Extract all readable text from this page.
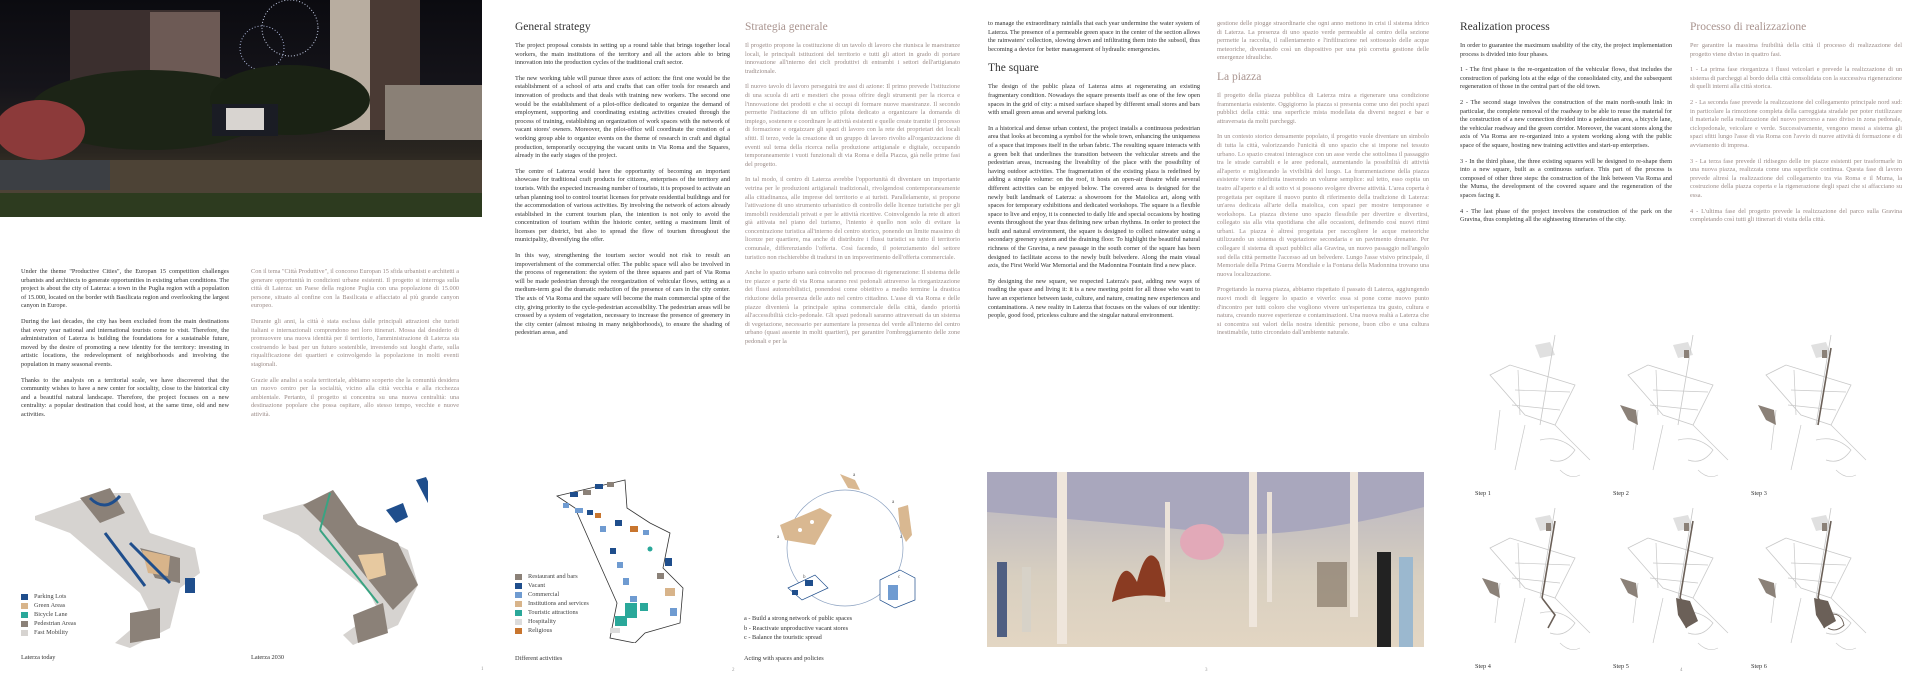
Under the theme "Productive Cities", the Europan 15 competition challenges urbanists and architects to generate opportunities in existing urban conditions. The project is about the city of Laterza: a town in the Puglia region with a population of 15.000, located on the border with Basilicata region and overlooking the largest canyon in Europe.

During the last decades, the city has been excluded from the main destinations that every year national and international tourists come to visit. Therefore, the administration of Laterza is building the foundations for a sustainable future, moved by the desire of promoting a new identity for the territory: investing in artistic locations, the redevelopment of neighborhoods and involving the population in many seasonal events.

Thanks to the analysis on a territorial scale, we have discovered that the community wishes to have a new center for sociality, close to the historical city and a beautiful natural landscape. Therefore, the project focuses on a new centrality: a popular destination that could host, at the same time, old and new activities.

Con il tema "Città Produttive", il concorso Europan 15 sfida urbanisti e architetti a generare opportunità in condizioni urbane esistenti. Il progetto si interroga sulla città di Laterza: un Paese della regione Puglia con una popolazione di 15.000 persone, situato al confine con la Basilicata e affacciato al più grande canyon europeo.

Durante gli anni, la città è stata esclusa dalle principali attrazioni che turisti italiani e internazionali comprendono nei loro itinerari. Mossa dal desiderio di promuovere una nuova identità per il territorio, l'amministrazione di Laterza sta costruendo le basi per un futuro sostenibile, investendo sui luoghi d'arte, sulla riqualificazione dei quartieri e coinvolgendo la popolazione in molti eventi stagionali.

Grazie alle analisi a scala territoriale, abbiamo scoperto che la comunità desidera un nuovo centro per la socialità, vicino alla città vecchia e alla ricchezza ambientale. Pertanto, il progetto si concentra su una nuova centralità: una destinazione popolare che possa ospitare, allo stesso tempo, vecchie e nuove attività.

Parking Lots
Green Areas
Bicycle Lane
Pedestrian Areas
Fast Mobility
Laterza today	Laterza 2030
1
General strategy

The project proposal consists in setting up a round table that brings together local workers, the main institutions of the territory and all the actors able to bring innovation into the production cycles of the traditional craft sector.

The new working table will pursue three axes of action: the first one would be the establishment of a school of arts and crafts that can offer tools for research and innovation of products and that deals with training new workers. The second one would be the establishment of a pilot-office dedicated to organize the demand of employment, supporting and coordinating existing activities created through the process of training, establishing an organization of work spaces with the network of vacant stores' owners. Moreover, the pilot-office will coordinate the creation of a working group able to organize events on the theme of research in craft and digital production, temporarily occupying the vacant units in Via Roma and the Squares, already in the early stages of the project.

The centre of Laterza would have the opportunity of becoming an important showcase for traditional craft products for citizens, enterprises of the territory and tourists. With the expected increasing number of tourists, it is proposed to activate an urban planning tool to control tourist licenses for private residential buildings and for the accommodation of various activities. By involving the network of actors already established in the current tourism plan, the intention is not only to avoid the concentration of tourism within the historic center, setting a maximum limit of licenses per district, but also to spread the flow of tourism throughout the municipality, diversifying the offer.

In this way, strengthening the tourism sector would not risk to result an impoverishment of the commercial offer. The public space will also be involved in the process of regeneration: the system of the three squares and part of Via Roma will be made pedestrian through the reorganization of vehicular flows, setting as a medium-term goal the dramatic reduction of the presence of cars in the city center. The axis of Via Roma and the square will become the main commercial spine of the city, giving priority to the cycle-pedestrian accessibility. The pedestrian areas will be crossed by a system of vegetation, necessary to increase the presence of greenery in the city center (almost missing in many neighborhoods), to ensure the shading of pedestrian areas, and

Strategia generale

Il progetto propone la costituzione di un tavolo di lavoro che riunisca le maestranze locali, le principali istituzioni del territorio e tutti gli attori in grado di portare innovazione all'interno dei cicli produttivi di entrambi i settori dell'artigianato tradizionale.

Il nuovo tavolo di lavoro perseguirà tre assi di azione: Il primo prevede l'istituzione di una scuola di arti e mestieri che possa offrire degli strumenti per la ricerca e l'innovazione dei prodotti e che si occupi di formare nuove maestranze. Il secondo permette l'istitazione di un ufficio pilota dedicato a organizzare la domanda di impiego, sostenere e coordinare le attività esistenti e quelle create tramite il processo di formazione e orgaizzare gli spazi di lavoro con la rete dei proprietari dei locali sfitti. Il terzo, vede la creazione di un gruppo di lavoro rivolto all'organizzazione di eventi sul tema della ricerca nella produzione artigianale e digitale, occupando temporaneamente i vuoti funzionali di via Roma e della Piazza, già nelle prime fasi del progetto.

In tal modo, il centro di Laterza avrebbe l'opportunità di diventare un importante vetrina per le produzioni artigianali tradizionali, rivolgendosi contemporaneamente alla cittadinanza, alle imprese del territorio e ai turisti. Parallelamente, si propone l'attivazione di uno strumento urbanistico di controllo delle licenze turistiche per gli immobili residenziali privati e per le attività ricettive. Coinvolgendo la rete di attori già attivata nel piano del turismo, l'intento è quello non solo di evitare la concentrazione turistica all'interno del centro storico, ponendo un limite massimo di licenze per quartiere, ma anche di distribuire i flussi turistici su tutto il territorio comunale, differenziando l'offerta. Così facendo, il potenziamento del settore turistico non rischierebbe di tradursi in un impoverimento dell'offerta commerciale.

Anche lo spazio urbano sarà coinvolto nel processo di rigenerazione: Il sistema delle tre piazze e parte di via Roma saranno resi pedonali attraverso la riorganizzazione dei flussi automobilistici, ponendosi come obiettivo a medio termine la drastica riduzione della presenza delle auto nel centro cittadino. L'asse di via Roma e delle piazze diventerà la principale spina commerciale della città, dando priorità all'accessibilità ciclo-pedonale. Gli spazi pedonali saranno attraversati da un sistema di vegetazione, necessario per aumentare la presenza del verde all'interno del centro urbano (quasi assente in molti quartieri), per garantire l'ombreggiamento delle zone pedonali e per la

Restaurant and bars
Vacant
Commercial
Institutions and services
Touristic attractions
Hospitality
Religious
Different activities
a
a	a
a
b	c
a - Build a strong network of public spaces
b - Reactivate unproductive vacant stores
c - Balance the touristic spread
Acting with spaces and policies
2

to manage the extraordinary rainfalls that each year undermine the water system of Laterza. The presence of a permeable green space in the center of the section allows the rainwaters' collection, slowing down and infiltrating them into the subsoil, thus becoming a device for better management of hydraulic emergencies.

The square

The design of the public plaza of Laterza aims at regenerating an existing fragmentary condition. Nowadays the square presents itself as one of the few open spaces in the grid of city: a mixed surface shaped by different small stores and bars with small green areas and several parking lots.

In a historical and dense urban context, the project installs a continuous pedestrian area that looks at becoming a symbol for the whole town, enhancing the uniqueness of a space that imposes itself in the urban fabric. The resulting square interacts with a green belt that underlines the transition between the vehicular streets and the pedestrian areas, increasing the liveability of the place with the possibility of having outdoor activities. The fragmentation of the existing plaza is redefined by adding a simple volume: on the roof, it hosts an open-air theatre while several different activities can be enjoyed below. The covered area is designed for the newly built landmark of Laterza: a showroom for the Maiolica art, along with spaces for temporary exhibitions and dedicated workshops. The square is a flexible space to live and enjoy, it is connected to daily life and special occasions by hosting events throughout the year thus defining new urban rhythms. In order to protect the built and natural environment, the square is designed to collect rainwater using a secondary greenery system and the draining floor. To highlight the beautiful natural richness of the Gravina, a new passage in the south corner of the square has been designed to facilitate access to the newly built belvedere. Along the main visual axis, the First World War Memorial and the Madonnina Fountain find a new place.

By designing the new square, we respected Laterza's past, adding new ways of reading the space and living it: it is a new meeting point for all those who want to have an experience between taste, culture, and nature, creating new experiences and contaminations. A new reality in Laterza that focuses on the values of our identity: people, good food, priceless culture and the singular natural environment.

gestione delle piogge straordinarie che ogni anno mettono in crisi il sistema idrico di Laterza. La presenza di uno spazio verde permeabile al centro della sezione permette la raccolta, il rallentamento e l'infiltrazione nel sottosuolo delle acque meteoriche, diventando così un dispositivo per una più corretta gestione delle emergenze idrauliche.

La piazza

Il progetto della piazza pubblica di Laterza mira a rigenerare una condizione frammentaria esistente. Oggigiorno la piazza si presenta come uno dei pochi spazi pubblici della città: una superficie mista modellata da diversi negozi e bar e attraversata da molti parcheggi.

In un contesto storico densamente popolato, il progetto vuole diventare un simbolo di tutta la città, valorizzando l'unicità di uno spazio che si impone nel tessuto urbano. Lo spazio creatosi interagisce con un asse verde che sottolinea il passaggio tra le strade carrabili e le aree pedonali, aumentando la possibilità di attività all'aperto e migliorando la vivibilità del luogo. La frammentazione della piazza esistente viene ridefinita inserendo un volume semplice: sul tetto, esso ospita un teatro all'aperto e al di sotto vi si possono svolgere diverse attività. L'area coperta è progettata per ospitare il nuovo punto di riferimento della tradizione di Laterza: un'area dedicata all'arte della maiolica, con spazi per mostre temporanee e workshops. La piazza diviene uno spazio flessibile per divertire e divertirsi, collegato sia alla vita quotidiana che alle occasioni, definendo così nuovi ritmi urbani. La piazza è altresì progettata per raccogliere le acque meteoriche utilizzando un sistema di vegetazione secondaria e un pavimento drenante. Per collegare il sistema di spazi pubblici alla Gravina, un nuovo passaggio nell'angolo sud della città permette l'accesso ad un belvedere. Lungo l'asse visivo principale, il Memoriale della Prima Guerra Mondiale e la Fontana della Madonnina trovano una nuova localizzazione.

Progettando la nuova piazza, abbiamo rispettato il passato di Laterza, aggiungendo nuovi modi di leggere lo spazio e viverlo: essa si pone come nuovo punto d'incontro per tutti coloro che vogliono vivere un'esperienza tra gusto, cultura e natura, creando nuove esperienze e contaminazioni. Una nuova realtà a Laterza che si concentra sui valori della nostra identità: persone, buon cibo e una cultura inestimabile, tutto circondato dall'ambiente naturale.

3
Realization process

In order to guarantee the maximum usability of the city, the project implementation process is divided into four phases.

1 - The first phase is the re-organization of the vehicular flows, that includes the construction of parking lots at the edge of the consolidated city, and the subsequent regeneration of those in the central part of the old town.

2 - The second stage involves the construction of the main north-south link: in particular, the complete removal of the roadway to be able to reuse the material for the construction of a new connection divided into a pedestrian area, a bicycle lane, the vehicular roadway and the green corridor. Moreover, the vacant stores along the axis of Via Roma are re-organized into a system working along with the public space of the square, hosting new training activities and start-up enterprises.

3 - In the third phase, the three existing squares will be designed to re-shape them into a new square, built as a continuous surface. This part of the process is composed of other three steps: the construction of the link between Via Roma and the Muma, the development of the covered square and the regeneration of the spaces facing it.

4 - The last phase of the project involves the construction of the park on the Gravina, thus completing all the sightseeing itineraries of the city.

Processo di realizzazione

Per garantire la massima fruibilità della città il processo di realizzazione del progetto viene diviso in quattro fasi.

1 - La prima fase riorganizza i flussi veicolari e prevede la realizzazione di un sistema di parcheggi al bordo della città consolidata con la successiva rigenerazione di quelli interni alla città storica.

2 - La seconda fase prevede la realizzazione del collegamento principale nord sud: in particolare la rimozione completa della carreggiata stradale per poter riutilizzare il materiale nella realizzazione del nuovo percorso a raso diviso in zona pedonale, ciclopedonale, veicolare e verde. Successivamente, vengono messi a sistema gli spazi sfitti lungo l'asse di via Roma con l'avvio di nuove attività di formazione e di avviamento di impresa.

3 - La terza fase prevede il ridisegno delle tre piazze esistenti per trasformarle in una nuova piazza, realizzata come una superficie continua. Questa fase di lavoro prevede altresì la realizzazione del collegamento tra via Roma e il Muma, la costruzione della piazza coperta e la rigenerazione degli spazi che si affacciano su essa.

4 - L'ultima fase del progetto prevede la realizzazione del parco sulla Gravina completando così tutti gli itinerari di visita della città.

Step 1	Step 2	Step 3
Step 4	Step 5	Step 6
4
